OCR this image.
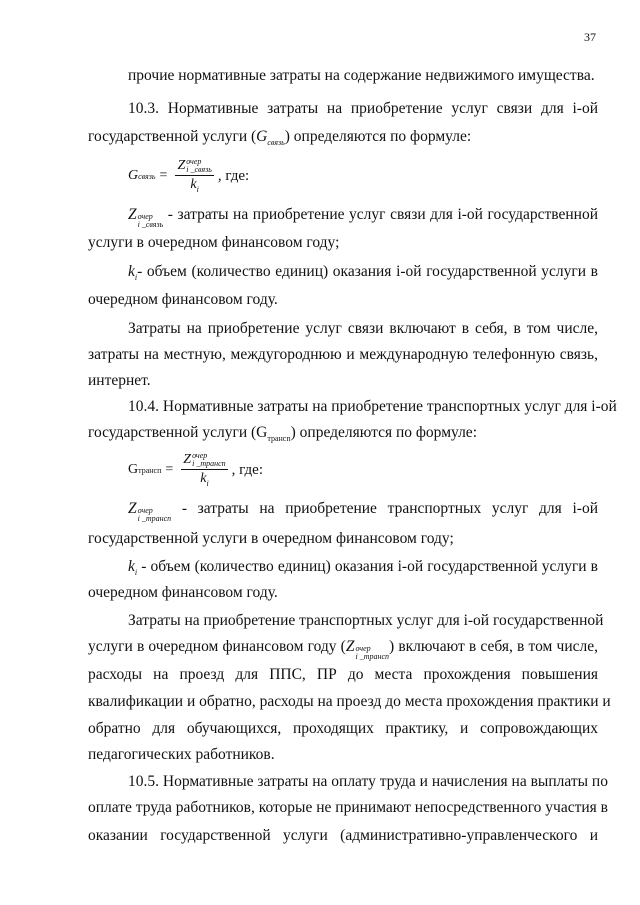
37
прочие нормативные затраты на содержание недвижимого имущества.
10.3. Нормативные затраты на приобретение услуг связи для i-ой
государственной услуги $(G_{связь})$ определяются по формуле:
G связь = Z очер
i _связь
$k_i$ , где:
Z очер
i _связь
- затраты на приобретение услуг связи для i-ой государственной
услуги в очередном финансовом году;
$k_i-$ объем (количество единиц) оказания i-ой государственной услуги в
очередном финансовом году.
Затраты на приобретение услуг связи включают в себя, в том числе,
затраты на местную, междугороднюю и международную телефонную связь,
интернет.
10.4. Нормативные затраты на приобретение транспортных услуг для i-ой
государственной услуги $(G_{трансп})$ определяются по формуле:
G трансп = Z очер
i _трансп
$k_i$ , где:
Z очер
i _трансп
- затраты на приобретение транспортных услуг для i-ой
государственной услуги в очередном финансовом году;
$k_i$ - объем (количество единиц) оказания i-ой государственной услуги в
очередном финансовом году.
Затраты на приобретение транспортных услуг для i-ой государственной
услуги в очередном финансовом году (Z очер
i _трансп
) включают в себя, в том числе,
расходы на проезд для ППС, ПР до места прохождения повышения
квалификации и обратно, расходы на проезд до места прохождения практики и
обратно для обучающихся, проходящих практику, и сопровождающих
педагогических работников.
10.5. Нормативные затраты на оплату труда и начисления на выплаты по
оплате труда работников, которые не принимают непосредственного участия в
оказании государственной услуги (административно-управленческого и
